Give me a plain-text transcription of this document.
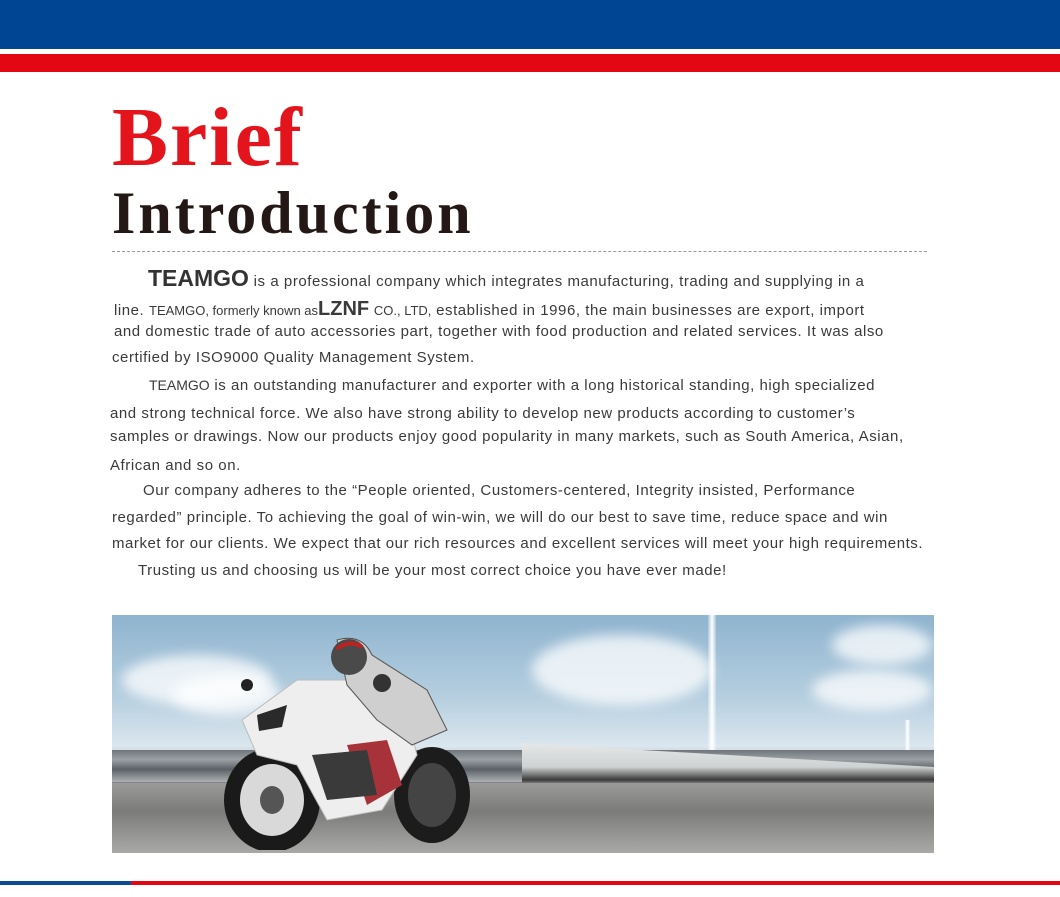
Brief
Introduction
TEAMGO is a professional company which integrates manufacturing, trading and supplying in a
line. TEAMGO, formerly known asLZNF CO., LTD, established in 1996, the main businesses are export, import
and domestic trade of auto accessories part, together with food production and related services. It was also
certified by ISO9000 Quality Management System.
TEAMGO is an outstanding manufacturer and exporter with a long historical standing, high specialized
and strong technical force. We also have strong ability to develop new products according to customer’s
samples or drawings. Now our products enjoy good popularity in many markets, such as South America, Asian,
African and so on.
Our company adheres to the “People oriented, Customers-centered, Integrity insisted, Performance
regarded” principle. To achieving the goal of win-win, we will do our best to save time, reduce space and win
market for our clients. We expect that our rich resources and excellent services will meet your high requirements.
Trusting us and choosing us will be your most correct choice you have ever made!
